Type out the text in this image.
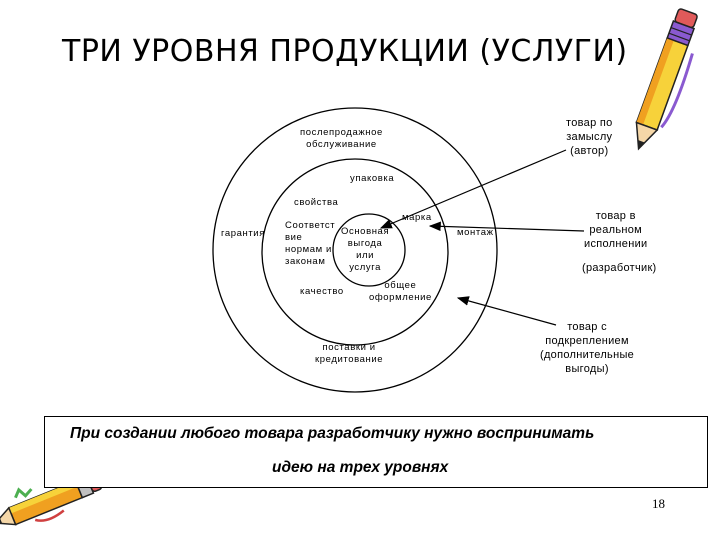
ТРИ УРОВНЯ ПРОДУКЦИИ (УСЛУГИ)
послепродажное
обслуживание
упаковка
свойства
гарантия
Соответст
вие
нормам и
законам
Основная
выгода
или
услуга
марка
монтаж
качество
общее
оформление
поставки и
кредитование
товар по
замыслу
(автор)
товар в
реальном
исполнении
(разработчик)
товар с
подкреплением
(дополнительные
выгоды)
При создании любого товара разработчику нужно воспринимать
идею на трех уровнях
18
